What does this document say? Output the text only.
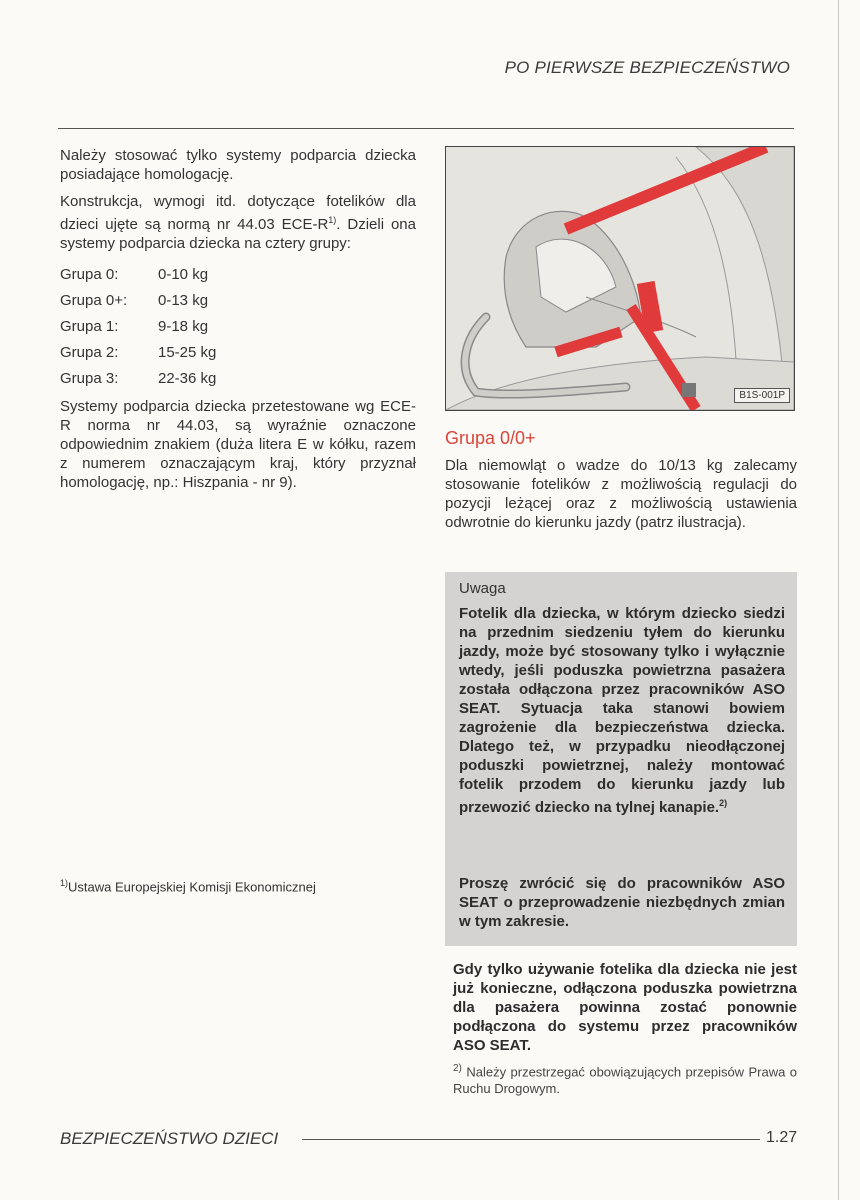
PO PIERWSZE BEZPIECZEŃSTWO

Należy stosować tylko systemy podparcia dziecka posiadające homologację.

Konstrukcja, wymogi itd. dotyczące fotelików dla dzieci ujęte są normą nr 44.03 ECE-$R^{1)}$. Dzieli ona systemy podparcia dziecka na cztery grupy:

Grupa 0:	0-10 kg
Grupa 0+:	0-13 kg
Grupa 1:	9-18 kg
Grupa 2:	15-25 kg
Grupa 3:	22-36 kg

Systemy podparcia dziecka przetestowane wg ECE-R norma nr 44.03, są wyraźnie oznaczone odpowiednim znakiem (duża litera E w kółku, razem z numerem oznaczającym kraj, który przyznał homologację, np.: Hiszpania - nr 9).

$^{1)}$Ustawa Europejskiej Komisji Ekonomicznej
B1S-001P
Grupa 0/0+

Dla niemowląt o wadze do 10/13 kg zalecamy stosowanie fotelików z możliwością regulacji do pozycji leżącej oraz z możliwością ustawienia odwrotnie do kierunku jazdy (patrz ilustracja).

Uwaga

Fotelik dla dziecka, w którym dziecko siedzi na przednim siedzeniu tyłem do kierunku jazdy, może być stosowany tylko i wyłącznie wtedy, jeśli poduszka powietrzna pasażera została odłączona przez pracowników ASO SEAT. Sytuacja taka stanowi bowiem zagrożenie dla bezpieczeństwa dziecka. Dlatego też, w przypadku nieodłączonej poduszki powietrznej, należy montować fotelik przodem do kierunku jazdy lub przewozić dziecko na tylnej kanapie.$^{2)}$

Proszę zwrócić się do pracowników ASO SEAT o przeprowadzenie niezbędnych zmian w tym zakresie.

Gdy tylko używanie fotelika dla dziecka nie jest już konieczne, odłączona poduszka powietrzna dla pasażera powinna zostać ponownie podłączona do systemu przez pracowników ASO SEAT.

$^{2)}$ Należy przestrzegać obowiązujących przepisów Prawa o Ruchu Drogowym.

BEZPIECZEŃSTWO DZIECI	1.27
